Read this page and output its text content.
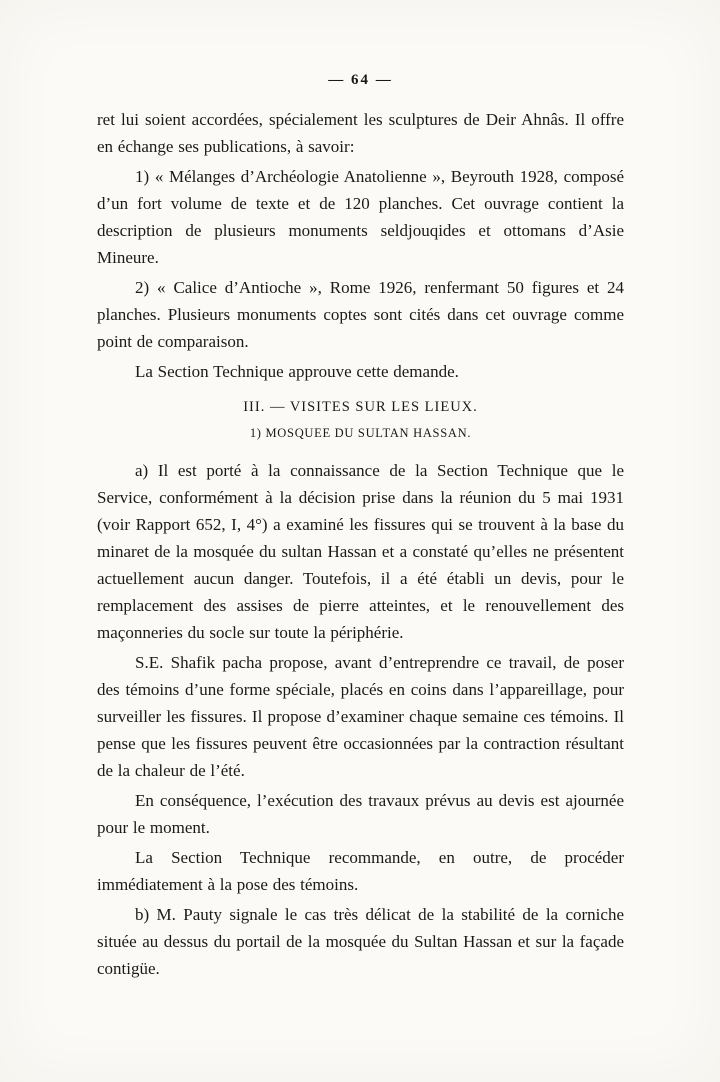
— 64 —

ret lui soient accordées, spécialement les sculptures de Deir Ahnâs. Il offre en échange ses publications, à savoir:

1) « Mélanges d’Archéologie Anatolienne », Beyrouth 1928, composé d’un fort volume de texte et de 120 planches. Cet ouvrage contient la description de plusieurs monuments seldjouqides et ottomans d’Asie Mineure.

2) « Calice d’Antioche », Rome 1926, renfermant 50 figures et 24 planches. Plusieurs monuments coptes sont cités dans cet ouvrage comme point de comparaison.

La Section Technique approuve cette demande.

III. — VISITES SUR LES LIEUX.
1) MOSQUEE DU SULTAN HASSAN.

a) Il est porté à la connaissance de la Section Technique que le Service, conformément à la décision prise dans la réunion du 5 mai 1931 (voir Rapport 652, I, 4°) a examiné les fissures qui se trouvent à la base du minaret de la mosquée du sultan Hassan et a constaté qu’elles ne présentent actuellement aucun danger. Toutefois, il a été établi un devis, pour le remplacement des assises de pierre atteintes, et le renouvellement des maçonneries du socle sur toute la périphérie.

S.E. Shafik pacha propose, avant d’entreprendre ce travail, de poser des témoins d’une forme spéciale, placés en coins dans l’appareillage, pour surveiller les fissures. Il propose d’examiner chaque semaine ces témoins. Il pense que les fissures peuvent être occasionnées par la contraction résultant de la chaleur de l’été.

En conséquence, l’exécution des travaux prévus au devis est ajournée pour le moment.

La Section Technique recommande, en outre, de procéder immédiatement à la pose des témoins.

b) M. Pauty signale le cas très délicat de la stabilité de la corniche située au dessus du portail de la mosquée du Sultan Hassan et sur la façade contigüe.
